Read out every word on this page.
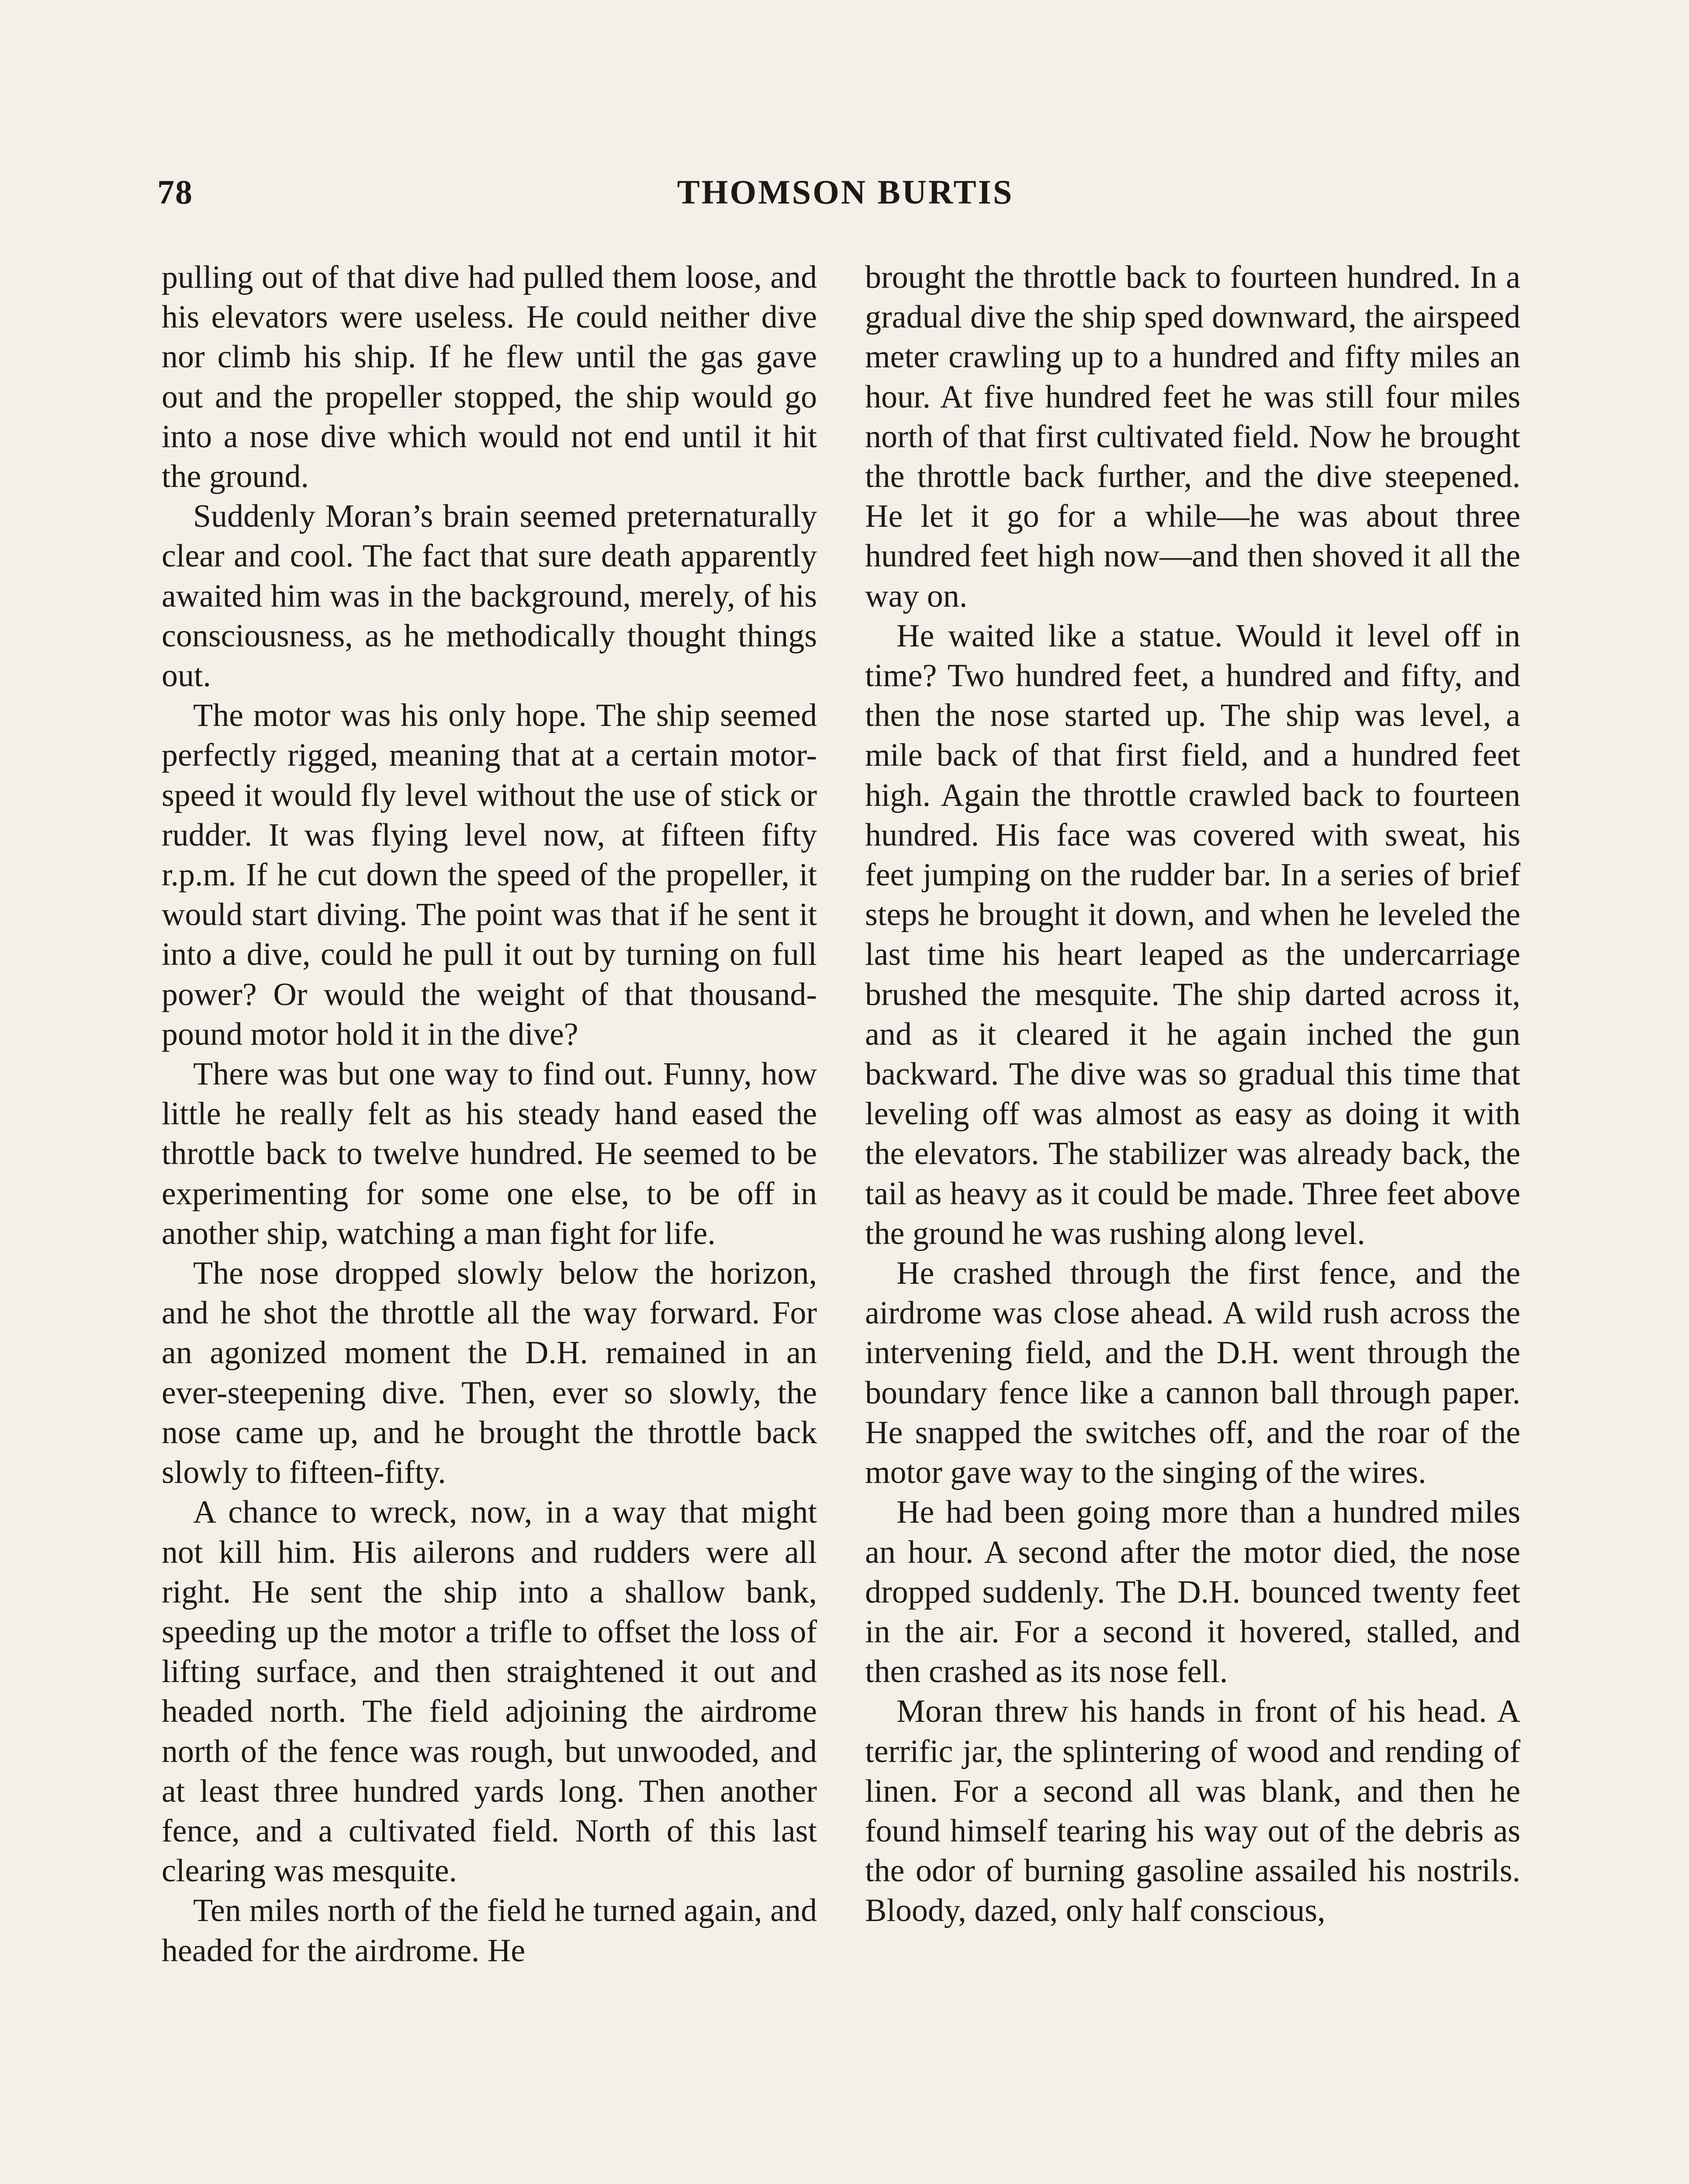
78	THOMSON BURTIS

pulling out of that dive had pulled them loose, and his elevators were useless. He could neither dive nor climb his ship. If he flew until the gas gave out and the propeller stopped, the ship would go into a nose dive which would not end until it hit the ground.

Suddenly Moran’s brain seemed preternaturally clear and cool. The fact that sure death apparently awaited him was in the background, merely, of his consciousness, as he methodically thought things out.

The motor was his only hope. The ship seemed perfectly rigged, meaning that at a certain motor-speed it would fly level without the use of stick or rudder. It was flying level now, at fifteen fifty r.p.m. If he cut down the speed of the propeller, it would start diving. The point was that if he sent it into a dive, could he pull it out by turning on full power? Or would the weight of that thousand-pound motor hold it in the dive?

There was but one way to find out. Funny, how little he really felt as his steady hand eased the throttle back to twelve hundred. He seemed to be experimenting for some one else, to be off in another ship, watching a man fight for life.

The nose dropped slowly below the horizon, and he shot the throttle all the way forward. For an agonized moment the D.H. remained in an ever-steepening dive. Then, ever so slowly, the nose came up, and he brought the throttle back slowly to fifteen-fifty.

A chance to wreck, now, in a way that might not kill him. His ailerons and rudders were all right. He sent the ship into a shallow bank, speeding up the motor a trifle to offset the loss of lifting surface, and then straightened it out and headed north. The field adjoining the airdrome north of the fence was rough, but unwooded, and at least three hundred yards long. Then another fence, and a cultivated field. North of this last clearing was mesquite.

Ten miles north of the field he turned again, and headed for the airdrome. He

brought the throttle back to fourteen hundred. In a gradual dive the ship sped downward, the airspeed meter crawling up to a hundred and fifty miles an hour. At five hundred feet he was still four miles north of that first cultivated field. Now he brought the throttle back further, and the dive steepened. He let it go for a while—he was about three hundred feet high now—and then shoved it all the way on.

He waited like a statue. Would it level off in time? Two hundred feet, a hundred and fifty, and then the nose started up. The ship was level, a mile back of that first field, and a hundred feet high. Again the throttle crawled back to fourteen hundred. His face was covered with sweat, his feet jumping on the rudder bar. In a series of brief steps he brought it down, and when he leveled the last time his heart leaped as the undercarriage brushed the mesquite. The ship darted across it, and as it cleared it he again inched the gun backward. The dive was so gradual this time that leveling off was almost as easy as doing it with the elevators. The stabilizer was already back, the tail as heavy as it could be made. Three feet above the ground he was rushing along level.

He crashed through the first fence, and the airdrome was close ahead. A wild rush across the intervening field, and the D.H. went through the boundary fence like a cannon ball through paper. He snapped the switches off, and the roar of the motor gave way to the singing of the wires.

He had been going more than a hundred miles an hour. A second after the motor died, the nose dropped suddenly. The D.H. bounced twenty feet in the air. For a second it hovered, stalled, and then crashed as its nose fell.

Moran threw his hands in front of his head. A terrific jar, the splintering of wood and rending of linen. For a second all was blank, and then he found himself tearing his way out of the debris as the odor of burning gasoline assailed his nostrils. Bloody, dazed, only half conscious,
